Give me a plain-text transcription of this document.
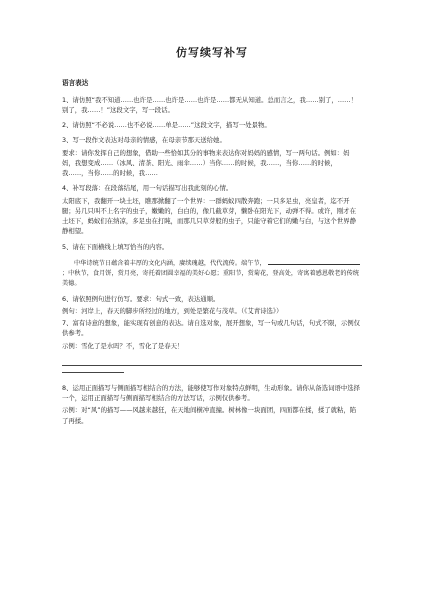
仿写续写补写
语言表达

1、请仿照“我不知道……也许是……也许是……也许是……都无从知道。总而言之，我……别了，……！别了，我……！”这段文字，写一段话。

2、请仿照“不必说……也不必说……单是……”这段文字，描写一处景物。

3、写一段作文表达对母亲的情感，在母亲节那天送给她。

要求：请你发挥自己的想象，借助一些恰如其分的事物来表达你对妈妈的感情，写一两句话。例如：妈妈，我想变成……（冰风、清茶、阳光、雨伞……）当你……的时候，我……，当你……的时候，我……，当你……的时候，我……

4、补写段落：在段落结尾，用一句话描写出我此刻的心情。

太阳底下，我翻开一块土坯，瞧那掀翻了一个世界：一群蚂蚁四散奔跑；一只多足虫，亮皇者，迄不开腿；另几只叫不上名字的虫子，嫩嫩的，白白的，像几截草芽，懒卧在阳光下，动弹不得。或许，刚才在土坯下，蚂蚁们在纳凉，多足虫在打盹，而那几只草芽般的虫子，只能守着它们的嫩与白，与这个世界静静相望。

5、请在下面横线上填写恰当的内容。

中华诗统节日蕴含着丰厚的文化内涵，赓续瑰越，代代流传。端午节， ；中秋节，食月饼，赏月亮，寄托着团圆幸福的美好心愿；重阳节，赏菊花，登高处，寄寓着感恩敬老的传统美德。

6、请依照例句进行仿写。要求：句式一致，表达通顺。

例句：河岸上，春天的脚步所经过的地方，到处是繁花与茂草。（《艾青诗选》）

7、富有诗意的想象，能实现有创意的表达。请自选对象，展开想象，写一句或几句话，句式不限，示例仅供参考。

示例：雪化了是水吗？不，雪化了是春天！

8、运用正面描写与侧面描写相结合的方法，能够使写作对象特点鲜明，生动形象。请你从备选词语中选择一个，运用正面描写与侧面描写相结合的方法写话，示例仅供参考。

示例：对“风”的描写——风越来越狂，在天地间横冲直撞。树林像一块面团，四面都在揉，揉了就粘，陷了再揉。
